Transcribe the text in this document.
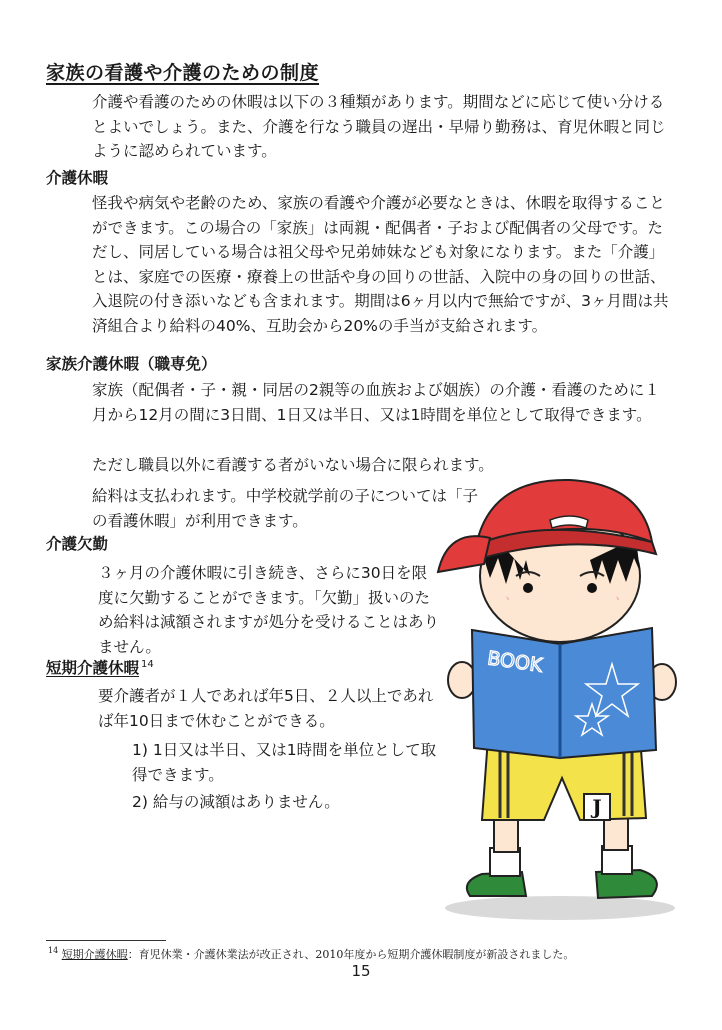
家族の看護や介護のための制度

介護や看護のための休暇は以下の３種類があります。期間などに応じて使い分けるとよいでしょう。また、介護を行なう職員の遅出・早帰り勤務は、育児休暇と同じように認められています。

介護休暇

怪我や病気や老齢のため、家族の看護や介護が必要なときは、休暇を取得することができます。この場合の「家族」は両親・配偶者・子および配偶者の父母です。ただし、同居している場合は祖父母や兄弟姉妹なども対象になります。また「介護」とは、家庭での医療・療養上の世話や身の回りの世話、入院中の身の回りの世話、入退院の付き添いなども含まれます。期間は6ヶ月以内で無給ですが、3ヶ月間は共済組合より給料の40%、互助会から20%の手当が支給されます。

家族介護休暇（職専免）

家族（配偶者・子・親・同居の2親等の血族および姻族）の介護・看護のために１月から12月の間に3日間、1日又は半日、又は1時間を単位として取得できます。

ただし職員以外に看護する者がいない場合に限られます。

給料は支払われます。中学校就学前の子については「子の看護休暇」が利用できます。

介護欠勤

３ヶ月の介護休暇に引き続き、さらに30日を限度に欠勤することができます。「欠勤」扱いのため給料は減額されますが処分を受けることはありません。

短期介護休暇 14

要介護者が１人であれば年5日、２人以上であれば年10日まで休むことができる。

1) 1日又は半日、又は1時間を単位として取得できます。
2) 給与の減額はありません。	J
BOOK
ヽ	ヽ
14 短期介護休暇：育児休業・介護休業法が改正され、2010年度から短期介護休暇制度が新設されました。
15
